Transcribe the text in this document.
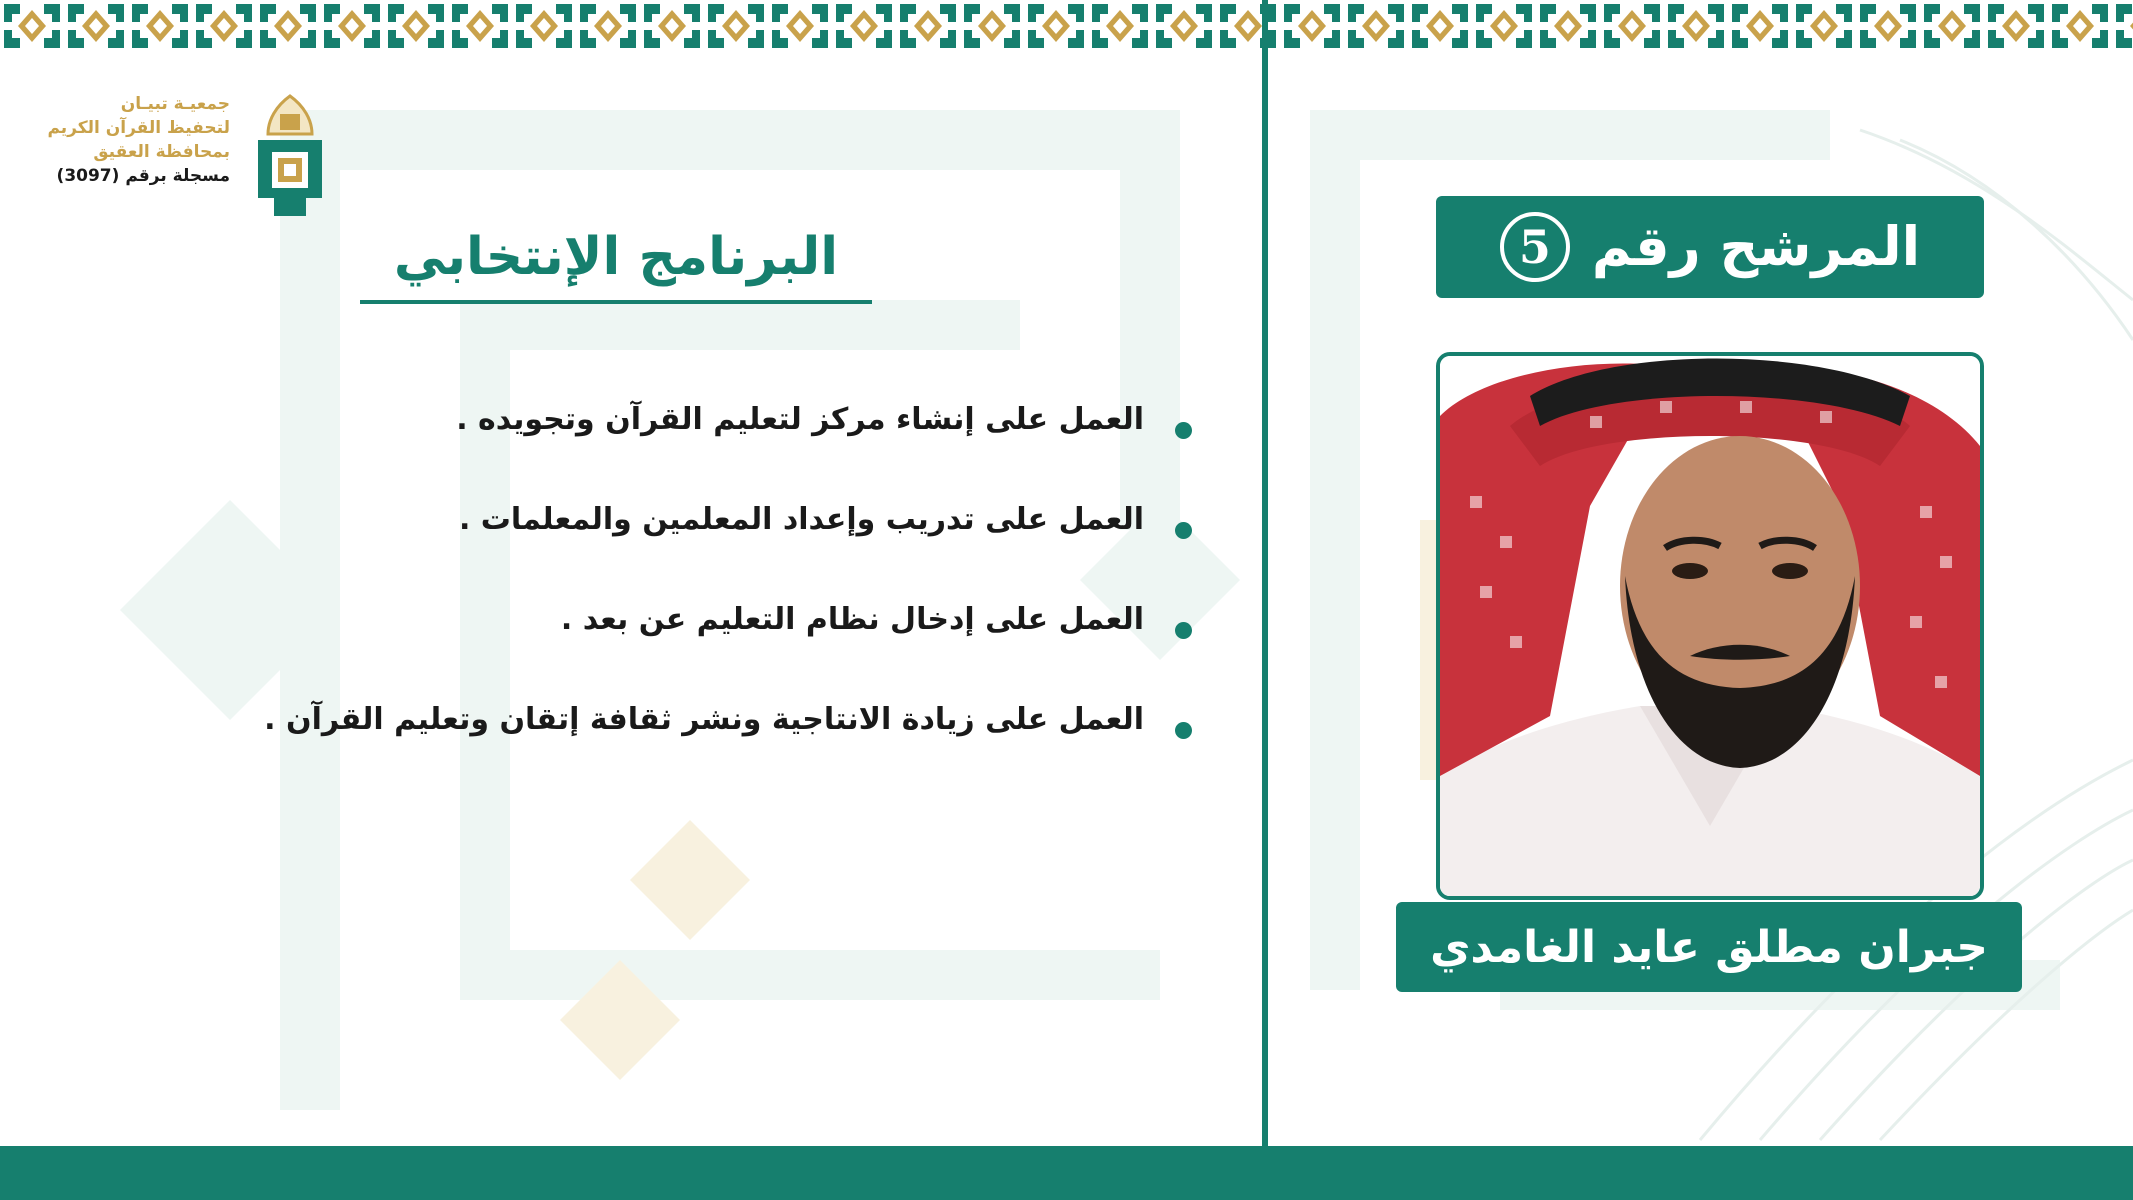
جمعيـة تبيـان
لتحفيظ القرآن الكريم
بمحافظة العقيق
مسجلة برقم (3097)
البرنامج الإنتخابي
العمل على إنشاء مركز لتعليم القرآن وتجويده .
العمل على تدريب وإعداد المعلمين والمعلمات .
العمل على إدخال نظام التعليم عن بعد .
العمل على زيادة الانتاجية ونشر ثقافة إتقان وتعليم القرآن .
المرشح رقم
5
جبران مطلق عايد الغامدي
